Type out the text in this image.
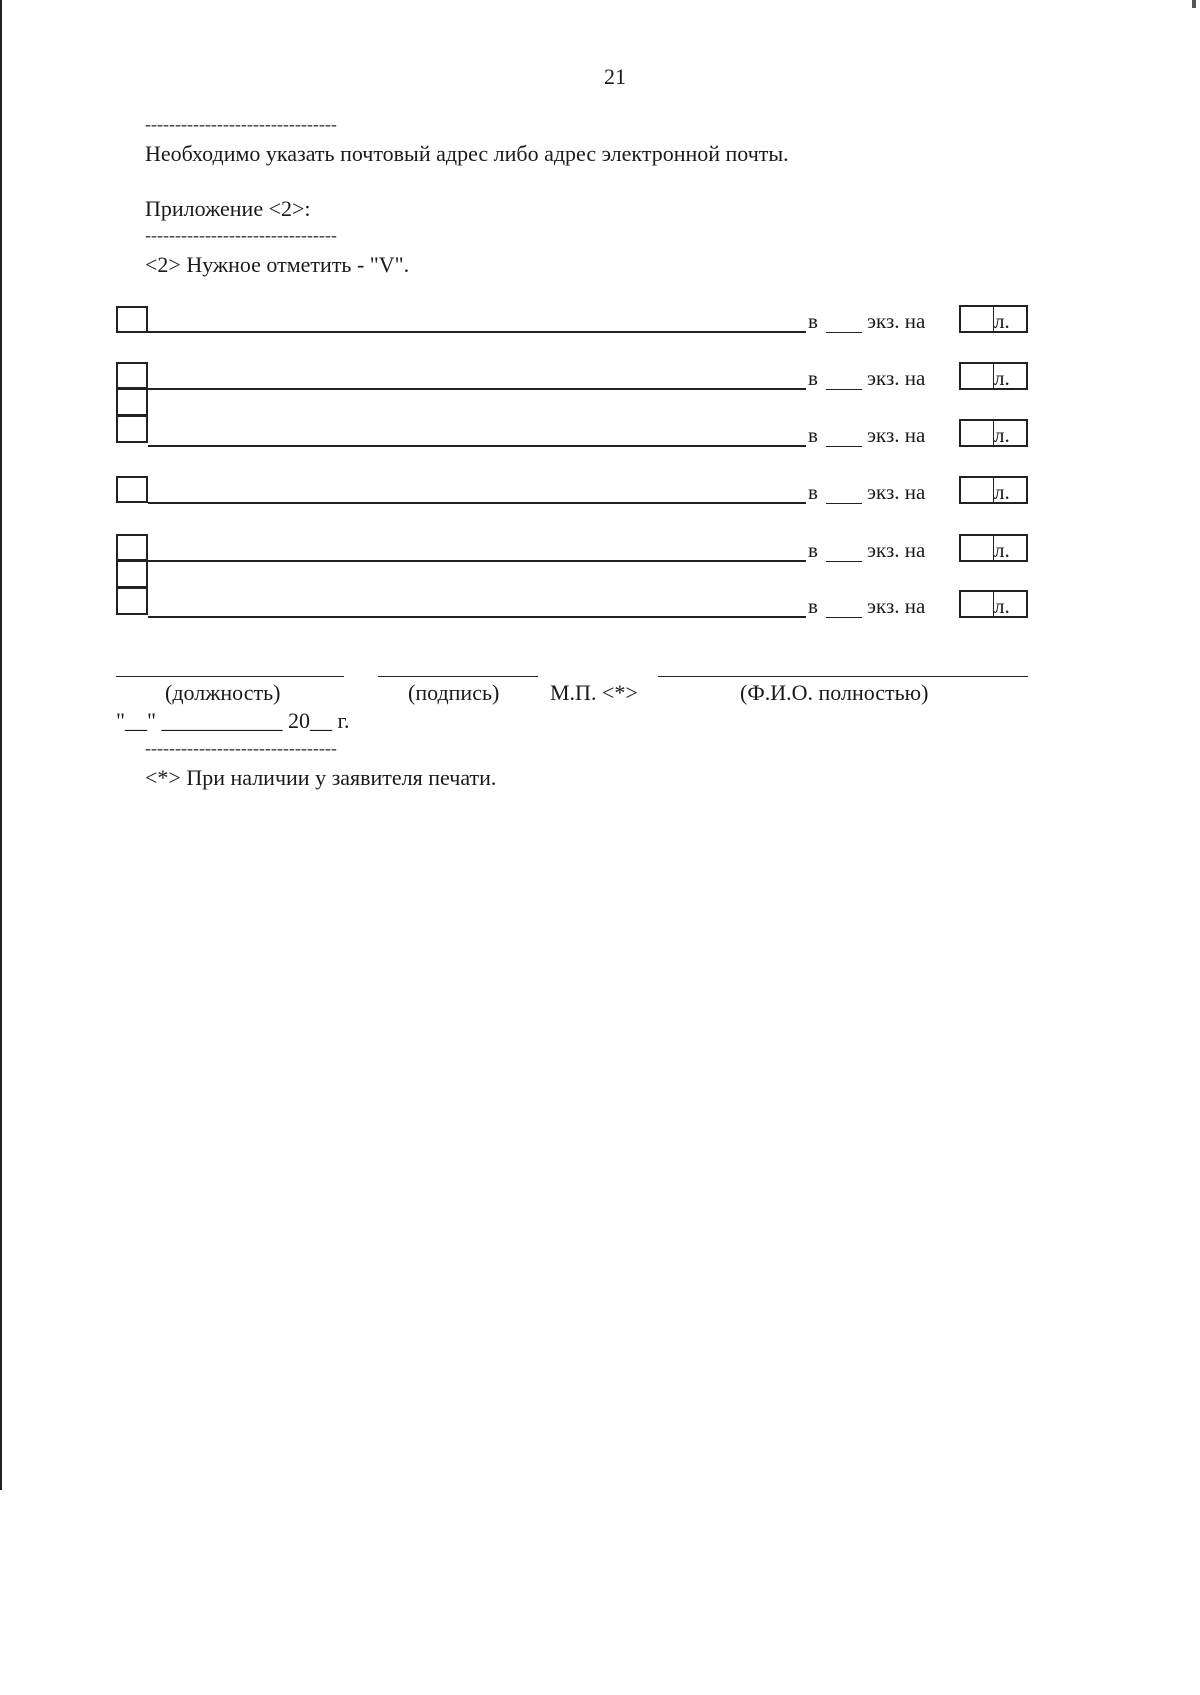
21
--------------------------------
Необходимо указать почтовый адрес либо адрес электронной почты.
Приложение <2>:
--------------------------------
<2> Нужное отметить - "V".
в экз. на	л.
в экз. на	л.
в экз. на	л.
в экз. на	л.
в экз. на	л.
в экз. на	л.
(должность)	(подпись) М.П. <*>	(Ф.И.О. полностью)
"__" ___________ 20__ г.
--------------------------------
<*> При наличии у заявителя печати.
